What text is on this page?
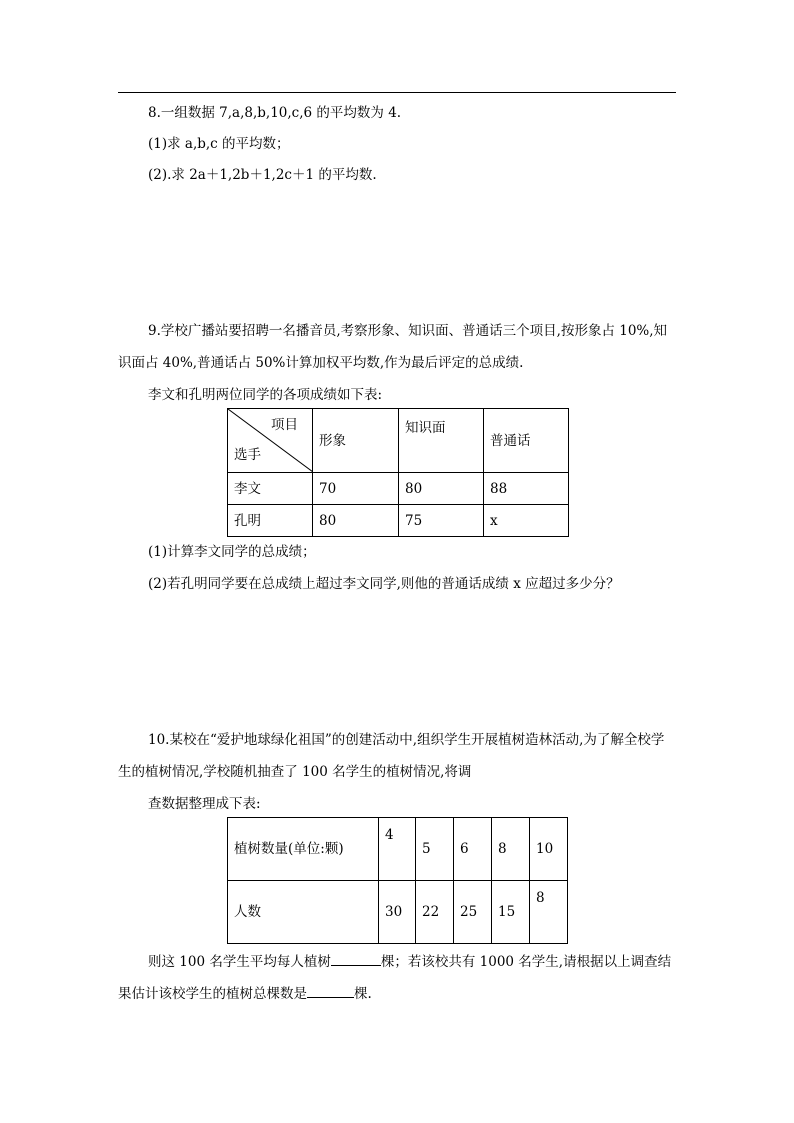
8.一组数据 7,a,8,b,10,c,6 的平均数为 4.
(1)求 a,b,c 的平均数；
(2).求 2a＋1,2b＋1,2c＋1 的平均数.
9.学校广播站要招聘一名播音员,考察形象、知识面、普通话三个项目,按形象占 10%,知
识面占 40%,普通话占 50%计算加权平均数,作为最后评定的总成绩.
李文和孔明两位同学的各项成绩如下表:
项目
选手	形象	知识面	普通话
李文	70	80	88
孔明	80	75	x
(1)计算李文同学的总成绩；
(2)若孔明同学要在总成绩上超过李文同学,则他的普通话成绩 x 应超过多少分？
10.某校在“爱护地球绿化祖国”的创建活动中,组织学生开展植树造林活动,为了解全校学
生的植树情况,学校随机抽查了 100 名学生的植树情况,将调
查数据整理成下表:
植树数量(单位:颗)	4	5	6	8	10
人数	30	22	25	15	8
则这 100 名学生平均每人植树	棵；若该校共有 1000 名学生,请根据以上调查结
果估计该校学生的植树总棵数是	棵.
